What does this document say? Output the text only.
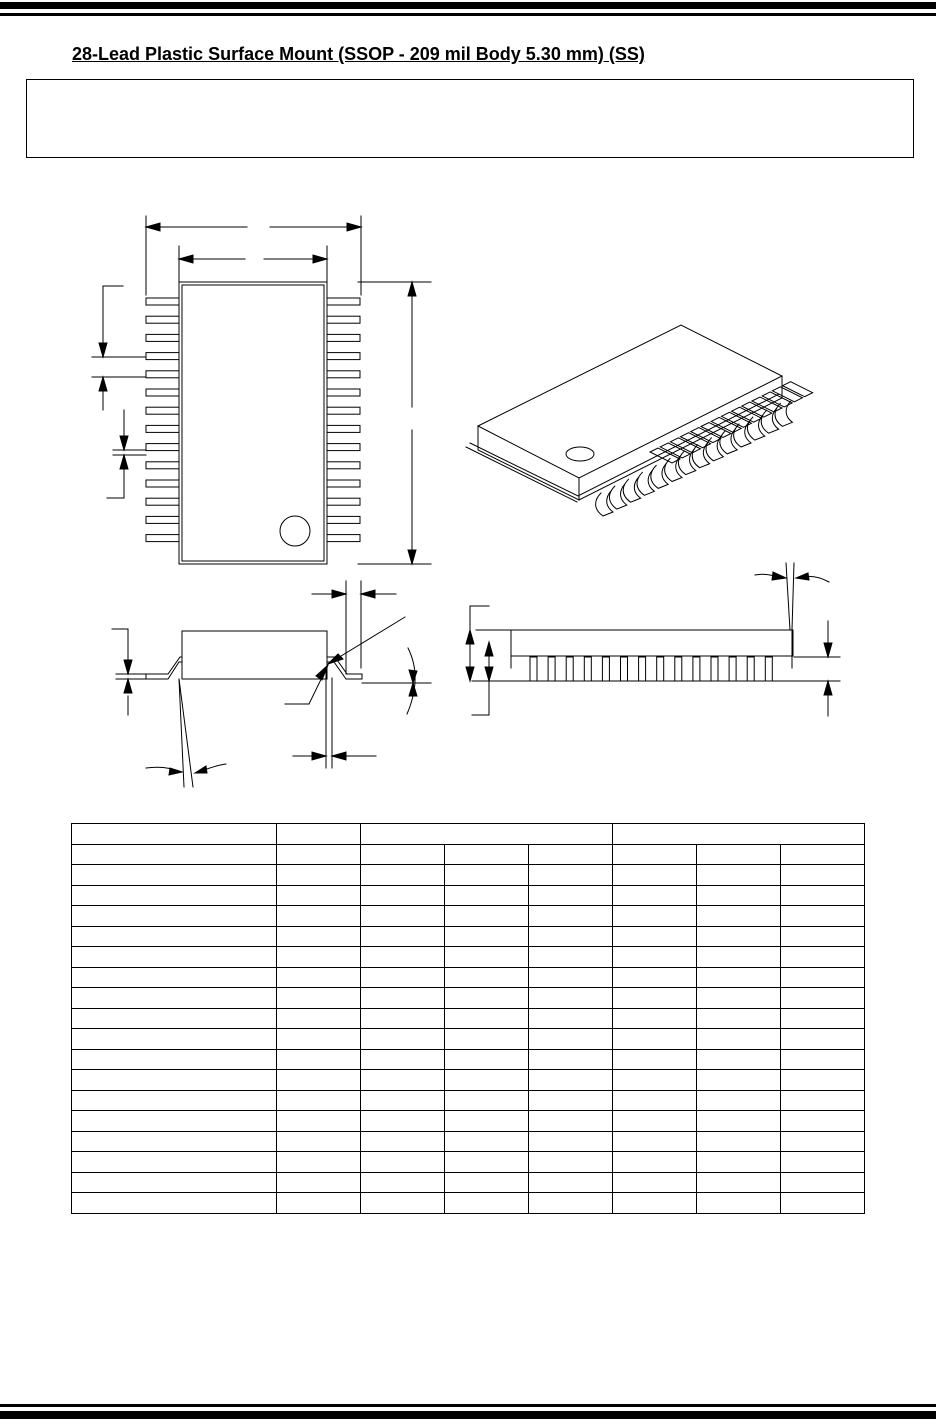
28-Lead Plastic Surface Mount (SSOP - 209 mil Body 5.30 mm) (SS)
